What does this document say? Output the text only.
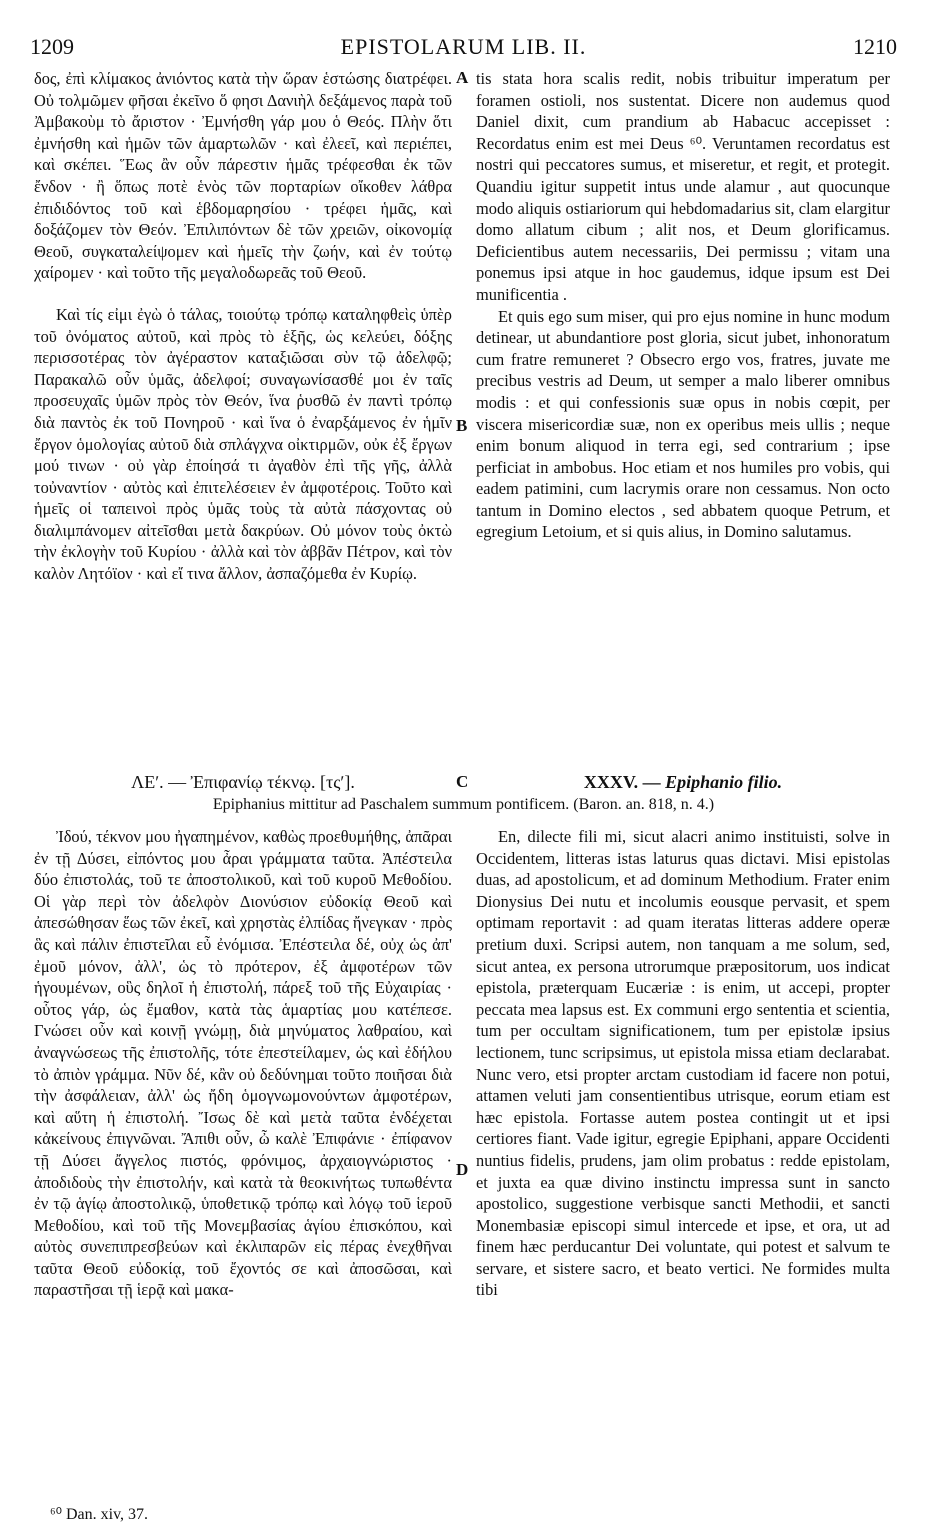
1209	EPISTOLARUM LIB. II.	1210

δος, ἐπὶ κλίμακος ἀνιόντος κατὰ τὴν ὥραν ἑστώσης διατρέφει. Οὐ τολμῶμεν φῆσαι ἐκεῖνο ὅ φησι Δανιὴλ δεξάμενος παρὰ τοῦ Ἀμβακοὺμ τὸ ἄριστον · Ἐμνήσθη γάρ μου ὁ Θεός. Πλὴν ὅτι ἐμνήσθη καὶ ἡμῶν τῶν ἁμαρτωλῶν · καὶ ἐλεεῖ, καὶ περιέπει, καὶ σκέπει. Ἕως ἂν οὖν πάρεστιν ἡμᾶς τρέφεσθαι ἐκ τῶν ἔνδον · ἢ ὅπως ποτὲ ἑνὸς τῶν πορταρίων οἴκοθεν λάθρα ἐπιδιδόντος τοῦ καὶ ἑβδομαρησίου · τρέφει ἡμᾶς, καὶ δοξάζομεν τὸν Θεόν. Ἐπιλιπόντων δὲ τῶν χρειῶν, οἰκονομίᾳ Θεοῦ, συγκαταλείψομεν καὶ ἡμεῖς τὴν ζωήν, καὶ ἐν τούτῳ χαίρομεν · καὶ τοῦτο τῆς μεγαλοδωρεᾶς τοῦ Θεοῦ.

Καὶ τίς εἰμι ἐγὼ ὁ τάλας, τοιούτῳ τρόπῳ καταληφθεὶς ὑπὲρ τοῦ ὀνόματος αὐτοῦ, καὶ πρὸς τὸ ἑξῆς, ὡς κελεύει, δόξης περισσοτέρας τὸν ἀγέραστον καταξιῶσαι σὺν τῷ ἀδελφῷ; Παρακαλῶ οὖν ὑμᾶς, ἀδελφοί; συναγωνίσασθέ μοι ἐν ταῖς προσευχαῖς ὑμῶν πρὸς τὸν Θεόν, ἵνα ῥυσθῶ ἐν παντὶ τρόπῳ διὰ παντὸς ἐκ τοῦ Πονηροῦ · καὶ ἵνα ὁ ἐναρξάμενος ἐν ἡμῖν ἔργον ὁμολογίας αὐτοῦ διὰ σπλάγχνα οἰκτιρμῶν, οὐκ ἐξ ἔργων μού τινων · οὐ γὰρ ἐποίησά τι ἀγαθὸν ἐπὶ τῆς γῆς, ἀλλὰ τοὐναντίον · αὐτὸς καὶ ἐπιτελέσειεν ἐν ἀμφοτέροις. Τοῦτο καὶ ἡμεῖς οἱ ταπεινοὶ πρὸς ὑμᾶς τοὺς τὰ αὐτὰ πάσχοντας οὐ διαλιμπάνομεν αἰτεῖσθαι μετὰ δακρύων. Οὐ μόνον τοὺς ὀκτὼ τὴν ἐκλογὴν τοῦ Κυρίου · ἀλλὰ καὶ τὸν ἀββᾶν Πέτρον, καὶ τὸν καλὸν Λητόϊον · καὶ εἴ τινα ἄλλον, ἀσπαζόμεθα ἐν Κυρίῳ.

tis stata hora scalis redit, nobis tribuitur imperatum per foramen ostioli, nos sustentat. Dicere non audemus quod Daniel dixit, cum prandium ab Habacuc accepisset : Recordatus enim est mei Deus ⁶⁰. Veruntamen recordatus est nostri qui peccatores sumus, et miseretur, et regit, et protegit. Quandiu igitur suppetit intus unde alamur , aut quocunque modo aliquis ostiariorum qui hebdomadarius sit, clam elargitur domo allatum cibum ; alit nos, et Deum glorificamus. Deficientibus autem necessariis, Dei permissu ; vitam una ponemus ipsi atque in hoc gaudemus, idque ipsum est Dei munificentia .

Et quis ego sum miser, qui pro ejus nomine in hunc modum detinear, ut abundantiore post gloria, sicut jubet, inhonoratum cum fratre remuneret ? Obsecro ergo vos, fratres, juvate me precibus vestris ad Deum, ut semper a malo liberer omnibus modis : et qui confessionis suæ opus in nobis cœpit, per viscera misericordiæ suæ, non ex operibus meis ullis ; neque enim bonum aliquod in terra egi, sed contrarium ; ipse perficiat in ambobus. Hoc etiam et nos humiles pro vobis, qui eadem patimini, cum lacrymis orare non cessamus. Non octo tantum in Domino electos , sed abbatem quoque Petrum, et egregium Letoium, et si quis alius, in Domino salutamus.

A
B
C
D
ΛΕʹ. — Ἐπιφανίῳ τέκνῳ. [τςʹ].	XXXV. — Epiphanio filio.
Epiphanius mittitur ad Paschalem summum pontificem. (Baron. an. 818, n. 4.)

Ἰδού, τέκνον μου ἠγαπημένον, καθὼς προεθυμήθης, ἀπᾶραι ἐν τῇ Δύσει, εἰπόντος μου ἆραι γράμματα ταῦτα. Ἀπέστειλα δύο ἐπιστολάς, τοῦ τε ἀποστολικοῦ, καὶ τοῦ κυροῦ Μεθοδίου. Οἱ γὰρ περὶ τὸν ἀδελφὸν Διονύσιον εὐδοκίᾳ Θεοῦ καὶ ἀπεσώθησαν ἕως τῶν ἐκεῖ, καὶ χρηστὰς ἐλπίδας ἤνεγκαν · πρὸς ἃς καὶ πάλιν ἐπιστεῖλαι εὖ ἐνόμισα. Ἐπέστειλα δέ, οὐχ ὡς ἀπ' ἐμοῦ μόνον, ἀλλ', ὡς τὸ πρότερον, ἐξ ἀμφοτέρων τῶν ἡγουμένων, οὓς δηλοῖ ἡ ἐπιστολή, πάρεξ τοῦ τῆς Εὐχαιρίας · οὗτος γάρ, ὡς ἔμαθον, κατὰ τὰς ἁμαρτίας μου κατέπεσε. Γνώσει οὖν καὶ κοινῇ γνώμῃ, διὰ μηνύματος λαθραίου, καὶ ἀναγνώσεως τῆς ἐπιστολῆς, τότε ἐπεστείλαμεν, ὡς καὶ ἐδήλου τὸ ἀπιὸν γράμμα. Νῦν δέ, κἂν οὐ δεδύνημαι τοῦτο ποιῆσαι διὰ τὴν ἀσφάλειαν, ἀλλ' ὡς ἤδη ὁμογνωμονούντων ἀμφοτέρων, καὶ αὕτη ἡ ἐπιστολή. Ἴσως δὲ καὶ μετὰ ταῦτα ἐνδέχεται κἀκείνους ἐπιγνῶναι. Ἄπιθι οὖν, ὦ καλὲ Ἐπιφάνιε · ἐπίφανον τῇ Δύσει ἄγγελος πιστός, φρόνιμος, ἀρχαιογνώριστος · ἀποδιδοὺς τὴν ἐπιστολήν, καὶ κατὰ τὰ θεοκινήτως τυπωθέντα ἐν τῷ ἁγίῳ ἀποστολικῷ, ὑποθετικῷ τρόπῳ καὶ λόγῳ τοῦ ἱεροῦ Μεθοδίου, καὶ τοῦ τῆς Μονεμβασίας ἁγίου ἐπισκόπου, καὶ αὐτὸς συνεπιπρεσβεύων καὶ ἐκλιπαρῶν εἰς πέρας ἐνεχθῆναι ταῦτα Θεοῦ εὐδοκίᾳ, τοῦ ἔχοντός σε καὶ ἀποσῶσαι, καὶ παραστῆσαι τῇ ἱερᾷ καὶ μακα-

En, dilecte fili mi, sicut alacri animo instituisti, solve in Occidentem, litteras istas laturus quas dictavi. Misi epistolas duas, ad apostolicum, et ad dominum Methodium. Frater enim Dionysius Dei nutu et incolumis eousque pervasit, et spem optimam reportavit : ad quam iteratas litteras addere operæ pretium duxi. Scripsi autem, non tanquam a me solum, sed, sicut antea, ex persona utrorumque præpositorum, uos indicat epistola, præterquam Eucæriæ : is enim, ut accepi, propter peccata mea lapsus est. Ex communi ergo sententia et scientia, tum per occultam significationem, tum per epistolæ ipsius lectionem, tunc scripsimus, ut epistola missa etiam declarabat. Nunc vero, etsi propter arctam custodiam id facere non potui, attamen veluti jam consentientibus utrisque, eorum etiam est hæc epistola. Fortasse autem postea contingit ut et ipsi certiores fiant. Vade igitur, egregie Epiphani, appare Occidenti nuntius fidelis, prudens, jam olim probatus : redde epistolam, et juxta ea quæ divino instinctu impressa sunt in sancto apostolico, suggestione verbisque sancti Methodii, et sancti Monembasiæ episcopi simul intercede et ipse, et ora, ut ad finem hæc perducantur Dei voluntate, qui potest et salvum te servare, et sistere sacro, et beato vertici. Ne formides multa tibi

⁶⁰ Dan. xiv, 37.
